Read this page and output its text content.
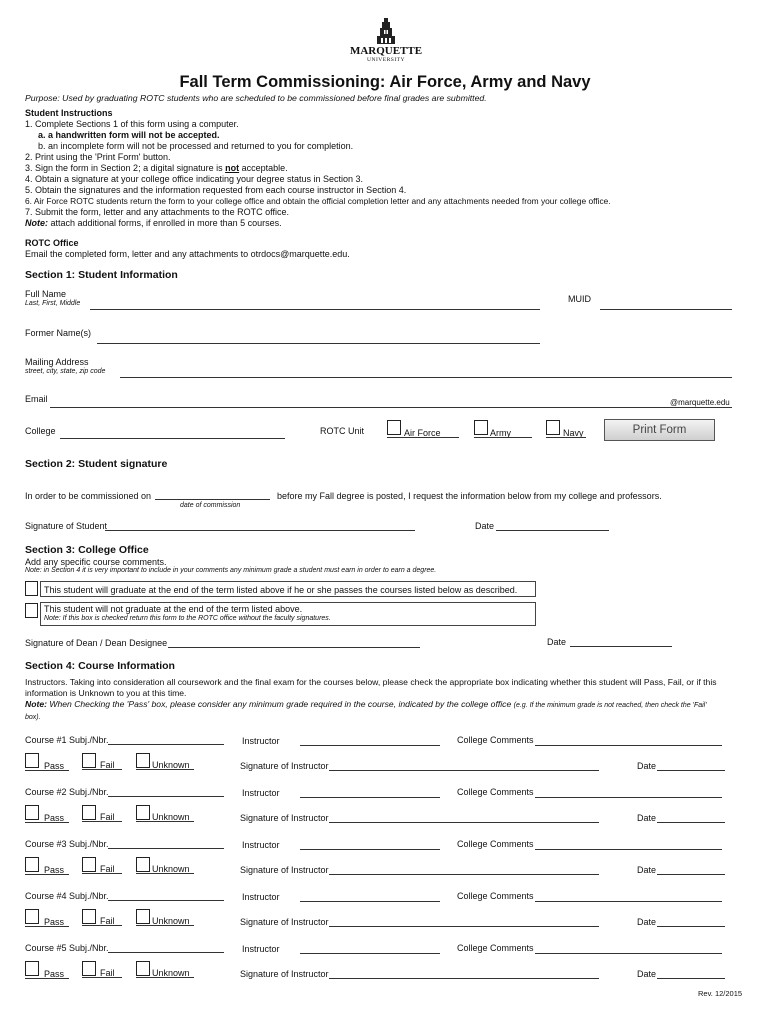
MARQUETTE
UNIVERSITY
Fall Term Commissioning: Air Force, Army and Navy
Purpose: Used by graduating ROTC students who are scheduled to be commissioned before final grades are submitted.
Student Instructions
1. Complete Sections 1 of this form using a computer.
a. a handwritten form will not be accepted.
b. an incomplete form will not be processed and returned to you for completion.
2. Print using the 'Print Form' button.
3. Sign the form in Section 2; a digital signature is not acceptable.
4. Obtain a signature at your college office indicating your degree status in Section 3.
5. Obtain the signatures and the information requested from each course instructor in Section 4.
6. Air Force ROTC students return the form to your college office and obtain the official completion letter and any attachments needed from your college office.
7. Submit the form, letter and any attachments to the ROTC office.
Note: attach additional forms, if enrolled in more than 5 courses.
ROTC Office
Email the completed form, letter and any attachments to otrdocs@marquette.edu.
Section 1: Student Information
Full Name
Last, First, Middle	MUID
Former Name(s)
Mailing Address
street, city, state, zip code
Email	@marquette.edu
College	ROTC Unit	Air Force	Army	Navy	Print Form
Section 2: Student signature
In order to be commissioned on
date of commission
before my Fall degree is posted, I request the information below from my college and professors.
Signature of Student	Date
Section 3: College Office
Add any specific course comments.
Note: in Section 4 it is very important to include in your comments any minimum grade a student must earn in order to earn a degree.
This student will graduate at the end of the term listed above if he or she passes the courses listed below as described.
This student will not graduate at the end of the term listed above.
Note: If this box is checked return this form to the ROTC office without the faculty signatures.
Signature of Dean / Dean Designee	Date
Section 4: Course Information
Instructors. Taking into consideration all coursework and the final exam for the courses below, please check the appropriate box indicating whether this student will Pass, Fail, or if this
information is Unknown to you at this time.
Note: When Checking the 'Pass' box, please consider any minimum grade required in the course, indicated by the college office (e.g. If the minimum grade is not reached, then check the 'Fail'
box).
Course #1 Subj./Nbr.	Instructor	College Comments
Pass	Fail	Unknown	Signature of Instructor	Date
Course #2 Subj./Nbr.	Instructor	College Comments
Pass	Fail	Unknown	Signature of Instructor	Date
Course #3 Subj./Nbr.	Instructor	College Comments
Pass	Fail	Unknown	Signature of Instructor	Date
Course #4 Subj./Nbr.	Instructor	College Comments
Pass	Fail	Unknown	Signature of Instructor	Date
Course #5 Subj./Nbr.	Instructor	College Comments
Pass	Fail	Unknown	Signature of Instructor	Date
Rev. 12/2015
